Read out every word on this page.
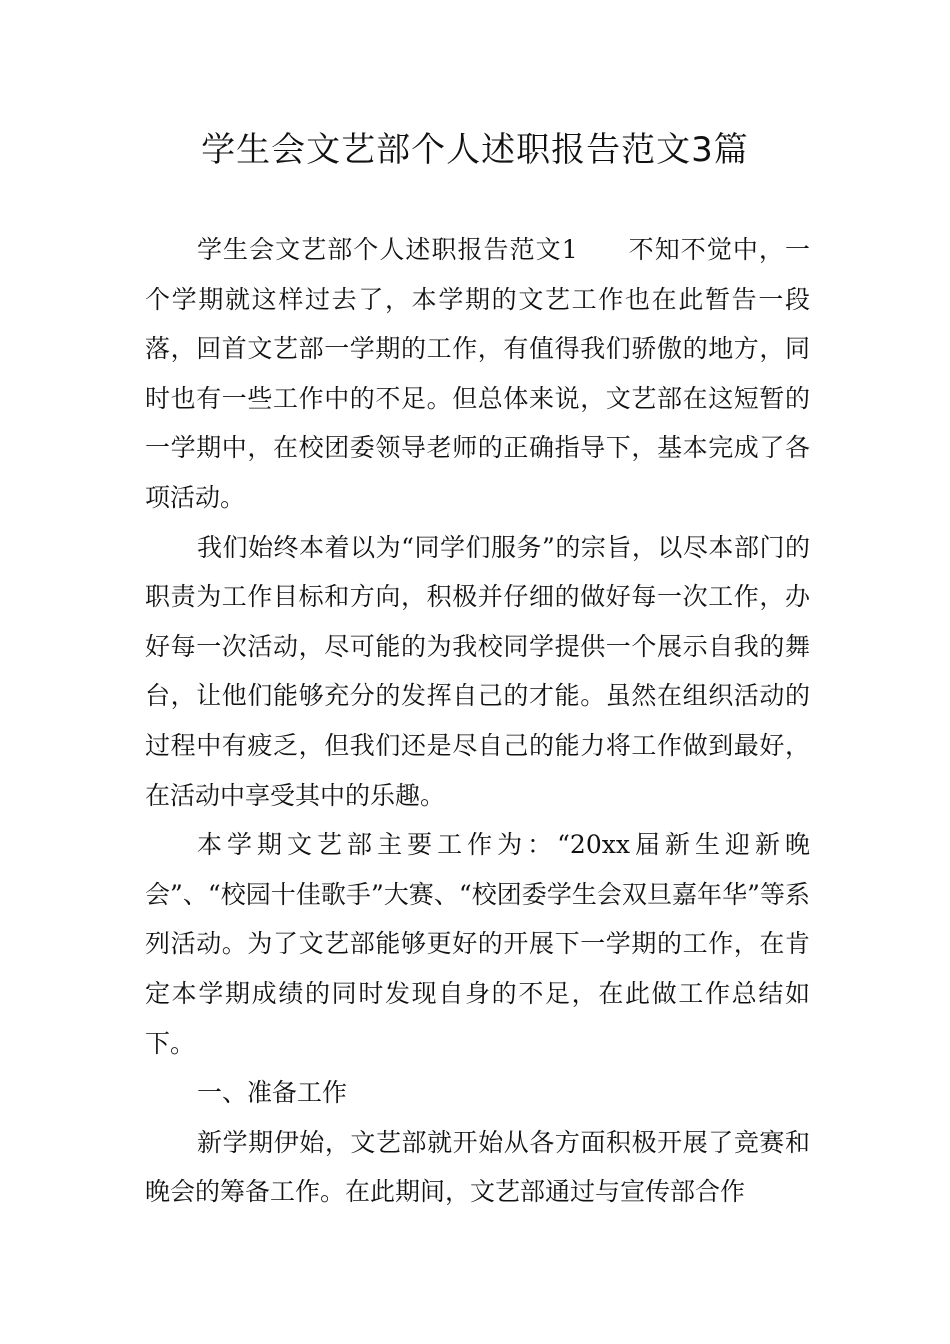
学生会文艺部个人述职报告范文3篇

学生会文艺部个人述职报告范文1 不知不觉中，一个学期就这样过去了，本学期的文艺工作也在此暂告一段落，回首文艺部一学期的工作，有值得我们骄傲的地方，同时也有一些工作中的不足。但总体来说，文艺部在这短暂的一学期中，在校团委领导老师的正确指导下，基本完成了各项活动。

我们始终本着以为“同学们服务”的宗旨，以尽本部门的职责为工作目标和方向，积极并仔细的做好每一次工作，办好每一次活动，尽可能的为我校同学提供一个展示自我的舞台，让他们能够充分的发挥自己的才能。虽然在组织活动的过程中有疲乏，但我们还是尽自己的能力将工作做到最好，在活动中享受其中的乐趣。

本学期文艺部主要工作为：“20xx届新生迎新晚会”、“校园十佳歌手”大赛、“校团委学生会双旦嘉年华”等系列活动。为了文艺部能够更好的开展下一学期的工作，在肯定本学期成绩的同时发现自身的不足，在此做工作总结如下。

一、准备工作

新学期伊始，文艺部就开始从各方面积极开展了竞赛和晚会的筹备工作。在此期间，文艺部通过与宣传部合作
